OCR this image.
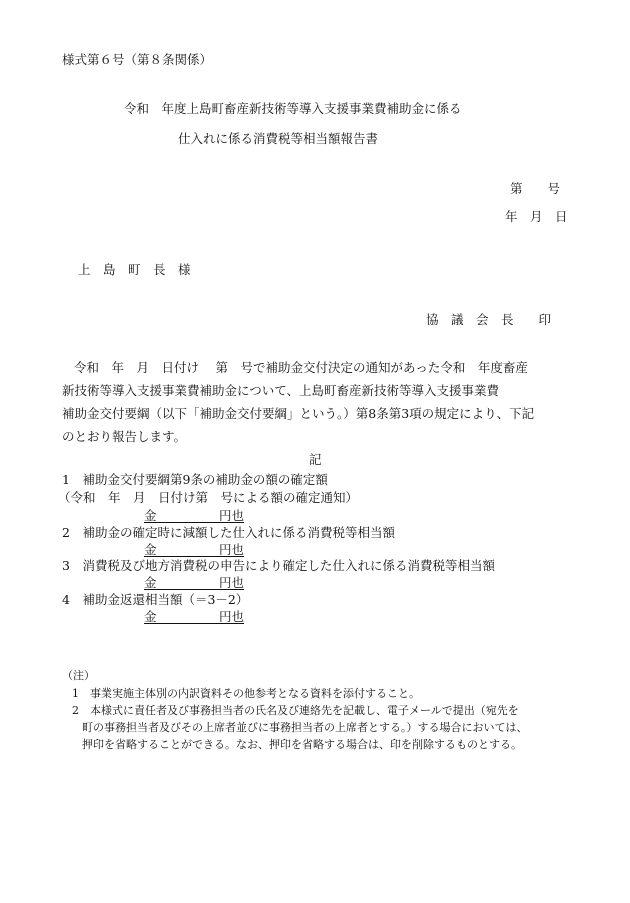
様式第６号（第８条関係）
令和　年度上島町畜産新技術等導入支援事業費補助金に係る
仕入れに係る消費税等相当額報告書
第　　号
年　月　日
上　島　町　長　様
協　議　会　長　　印
令和　年　月　日付け　 第　号で補助金交付決定の通知があった令和　年度畜産
新技術等導入支援事業費補助金について、上島町畜産新技術等導入支援事業費
補助金交付要綱（以下「補助金交付要綱」という。）第8条第3項の規定により、下記
のとおり報告します。
記
1　補助金交付要綱第9条の補助金の額の確定額
（令和　年　月　日付け第　号による額の確定通知）
金　　　　　円也
2　補助金の確定時に減額した仕入れに係る消費税等相当額
金　　　　　円也
3　消費税及び地方消費税の申告により確定した仕入れに係る消費税等相当額
金　　　　　円也
4　補助金返還相当額（＝3－2）
金　　　　　円也
（注）
1　事業実施主体別の内訳資料その他参考となる資料を添付すること。
2　本様式に責任者及び事務担当者の氏名及び連絡先を記載し、電子メールで提出（宛先を
町の事務担当者及びその上席者並びに事務担当者の上席者とする。）する場合においては、
押印を省略することができる。なお、押印を省略する場合は、印を削除するものとする。
